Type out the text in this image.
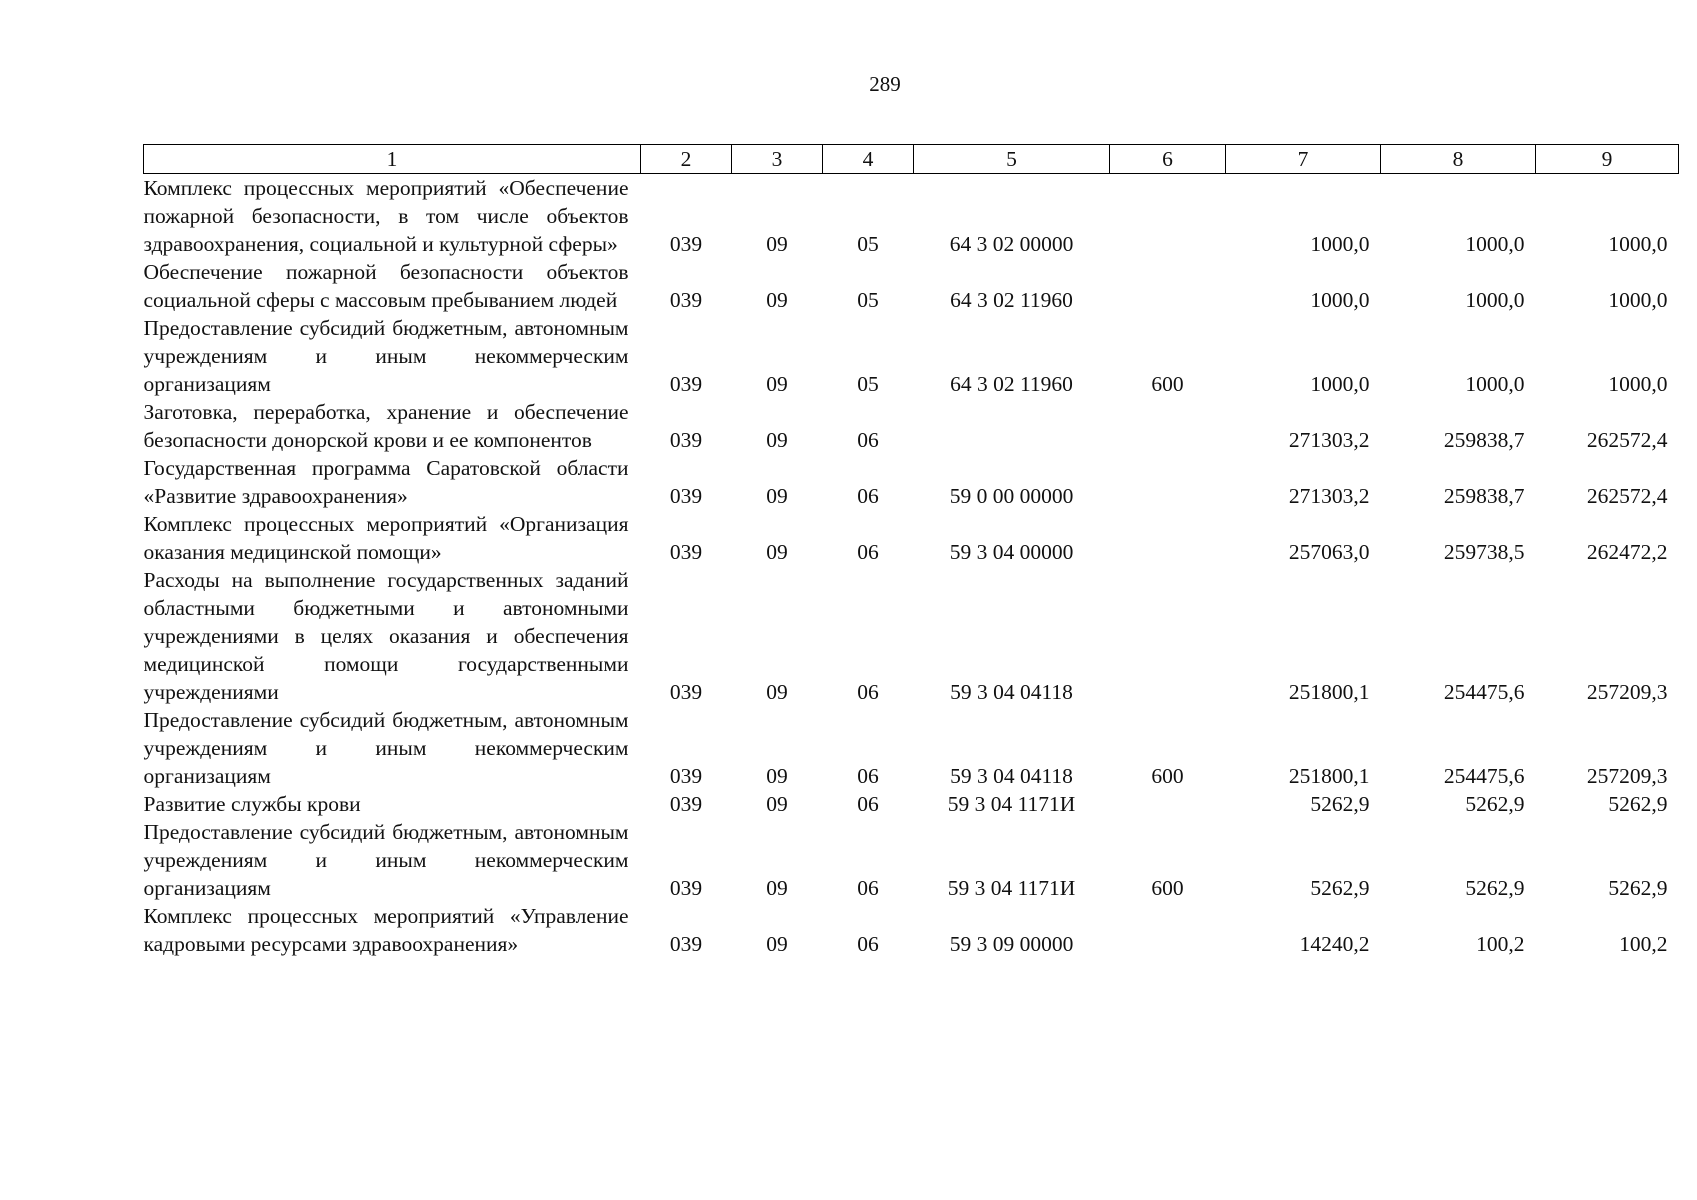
289
1	2	3	4	5	6	7	8	9
Комплекс процессных мероприятий «Обеспечение пожарной безопасности, в том числе объектов здравоохранения, социальной и культурной сферы»	039	09	05	64 3 02 00000		1000,0	1000,0	1000,0
Обеспечение пожарной безопасности объектов социальной сферы с массовым пребыванием людей	039	09	05	64 3 02 11960		1000,0	1000,0	1000,0
Предоставление субсидий бюджетным, автономным учреждениям и иным некоммерческим организациям	039	09	05	64 3 02 11960	600	1000,0	1000,0	1000,0
Заготовка, переработка, хранение и обеспечение безопасности донорской крови и ее компонентов	039	09	06			271303,2	259838,7	262572,4
Государственная программа Саратовской области «Развитие здравоохранения»	039	09	06	59 0 00 00000		271303,2	259838,7	262572,4
Комплекс процессных мероприятий «Организация оказания медицинской помощи»	039	09	06	59 3 04 00000		257063,0	259738,5	262472,2
Расходы на выполнение государственных заданий областными бюджетными и автономными учреждениями в целях оказания и обеспечения медицинской помощи государственными учреждениями	039	09	06	59 3 04 04118		251800,1	254475,6	257209,3
Предоставление субсидий бюджетным, автономным учреждениям и иным некоммерческим организациям	039	09	06	59 3 04 04118	600	251800,1	254475,6	257209,3
Развитие службы крови	039	09	06	59 3 04 1171И		5262,9	5262,9	5262,9
Предоставление субсидий бюджетным, автономным учреждениям и иным некоммерческим организациям	039	09	06	59 3 04 1171И	600	5262,9	5262,9	5262,9
Комплекс процессных мероприятий «Управление кадровыми ресурсами здравоохранения»	039	09	06	59 3 09 00000		14240,2	100,2	100,2
